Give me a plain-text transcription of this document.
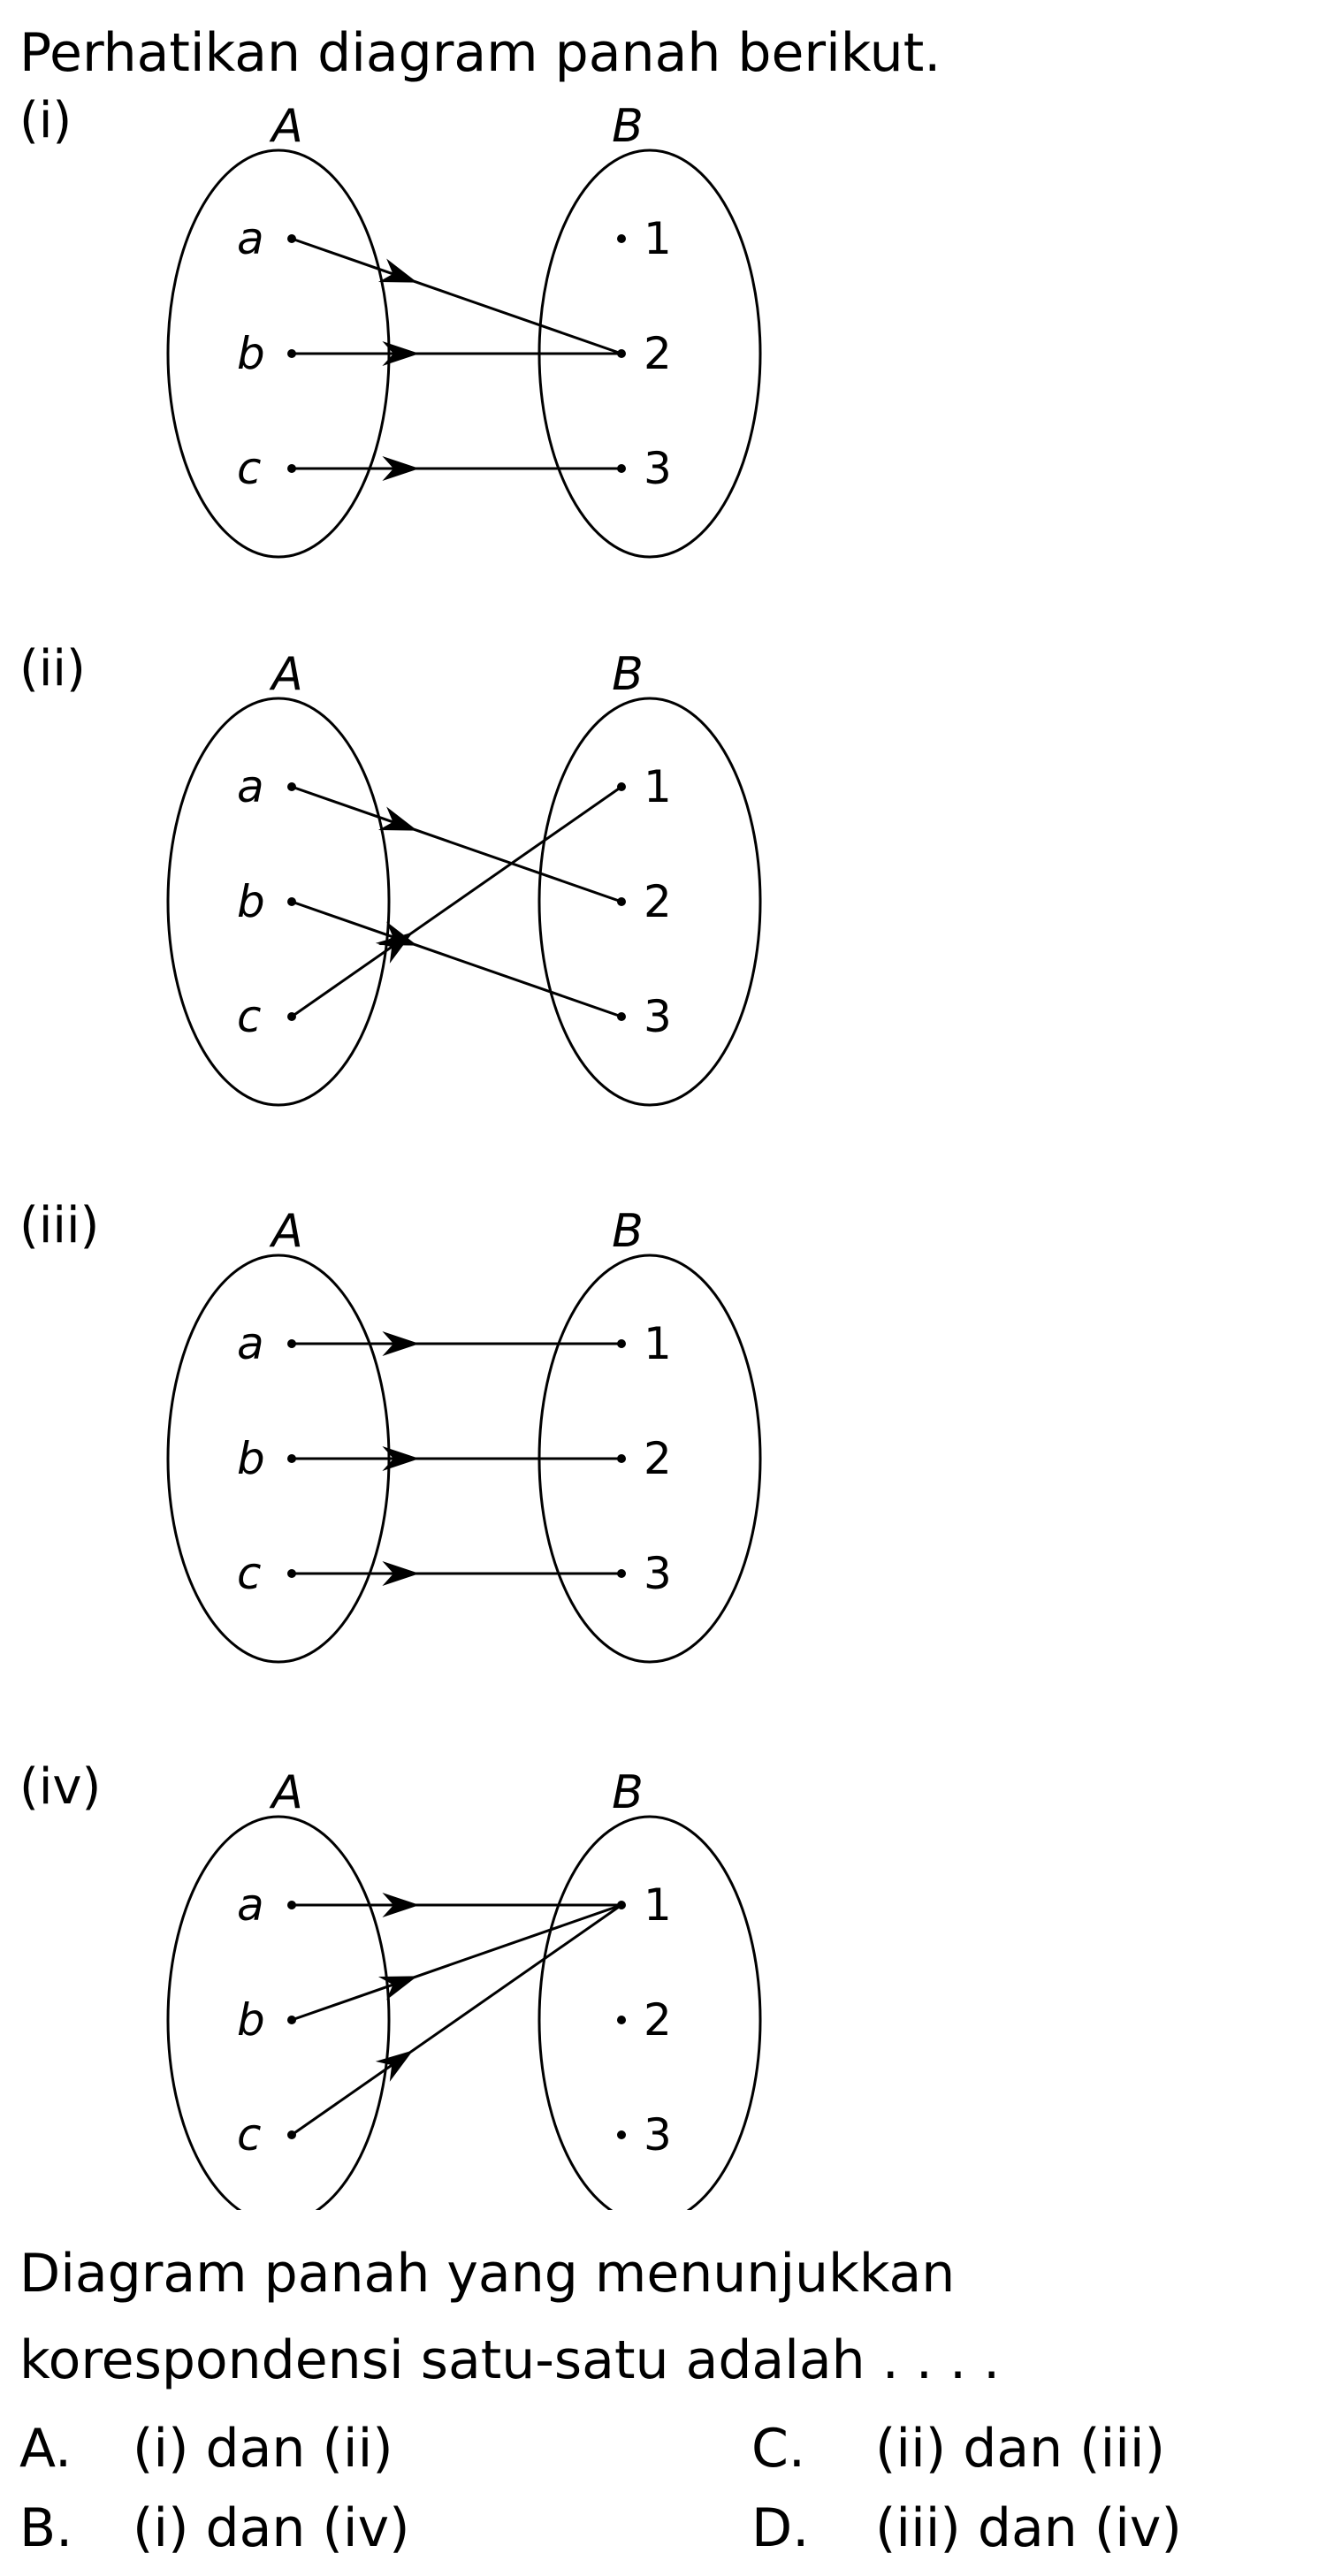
Perhatikan diagram panah berikut.
(i)	A	B
a
b
c
1
2
3
(ii)	A	B
a
b
c
1
2
3
(iii)	A	B
a
b
c
1
2
3
(iv)	A	B
a
b
c
1
2
3
Diagram panah yang menunjukkan
korespondensi satu-satu adalah . . . .
A. (i) dan (ii)
B. (i) dan (iv)
C. (ii) dan (iii)
D. (iii) dan (iv)
